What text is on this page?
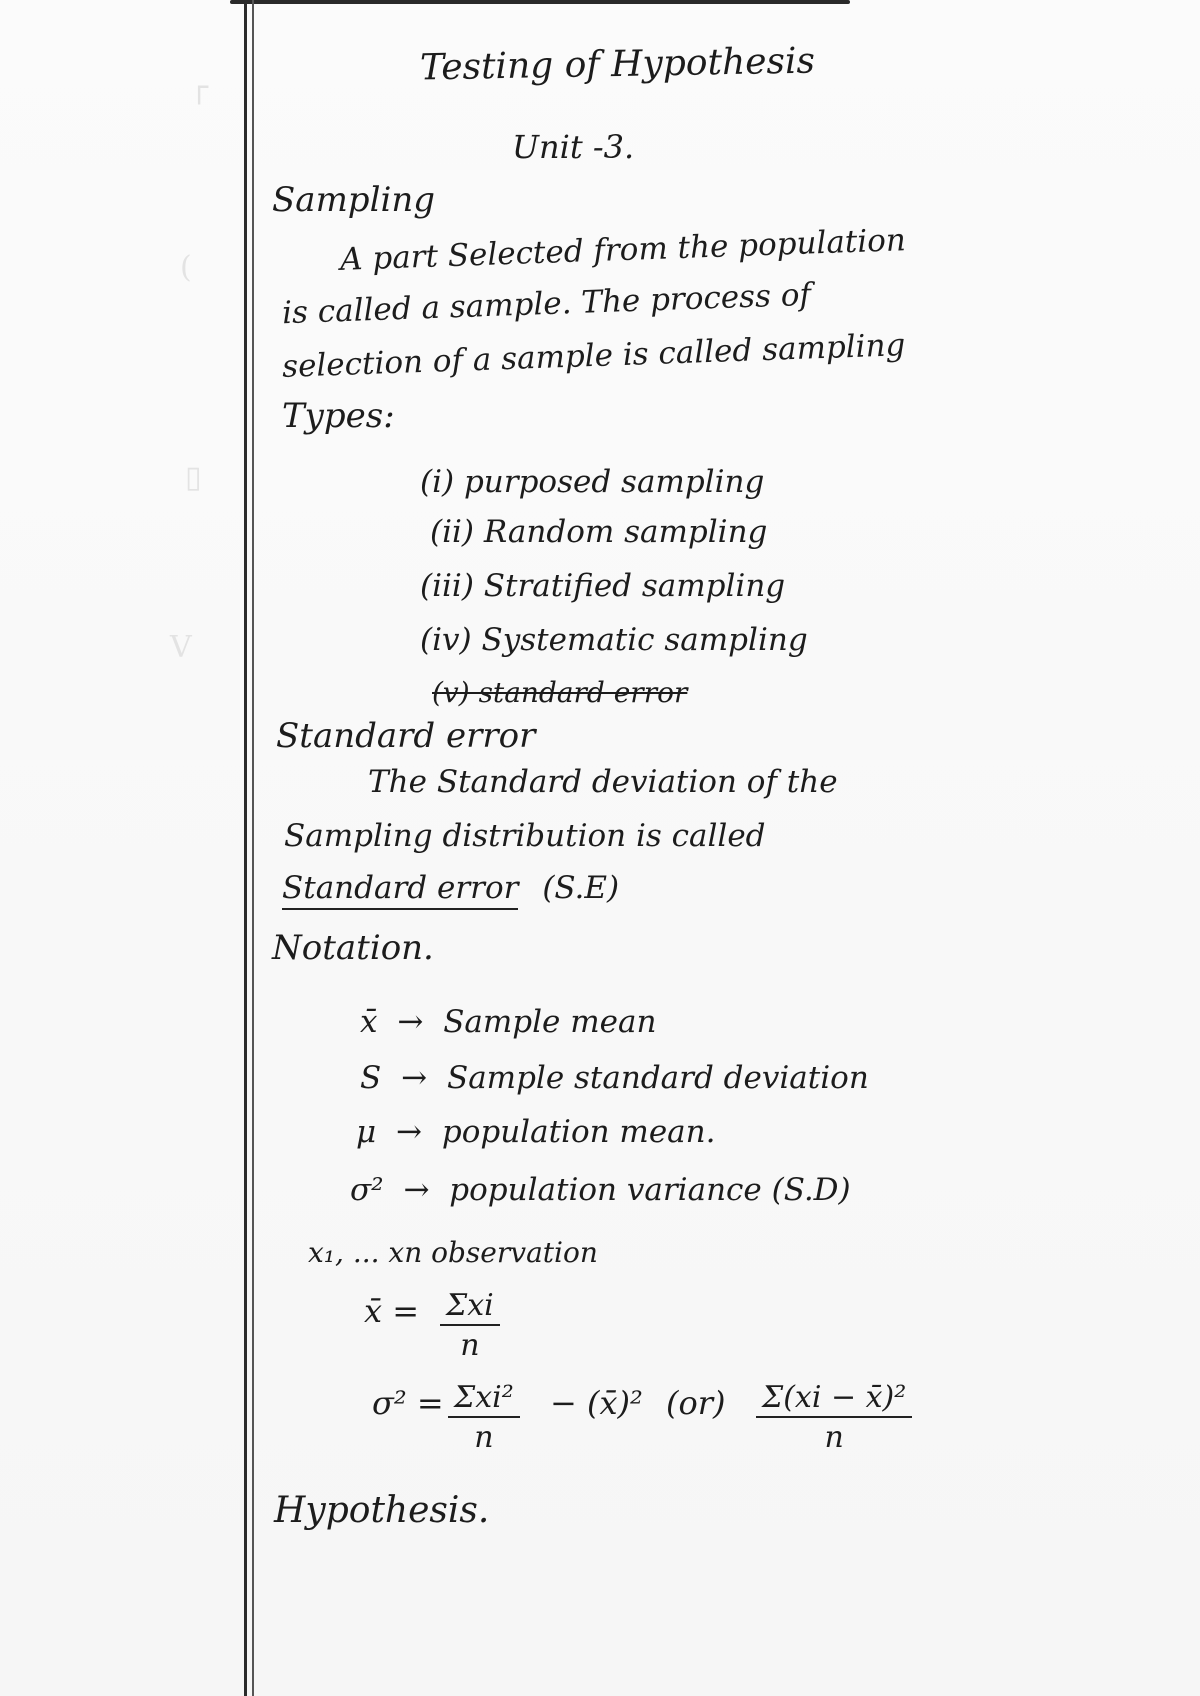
┌
(
▯
V
Testing of Hypothesis
Unit -3.
Sampling
A part Selected from the population
is called a sample. The process of
selection of a sample is called sampling
Types:
(i) purposed sampling
(ii) Random sampling
(iii) Stratified sampling
(iv) Systematic sampling
(v) standard error
Standard error
The Standard deviation of the
Sampling distribution is called
Standard error (S.E)
Notation.
x̄ → Sample mean
S → Sample standard deviation
μ → population mean.
σ² → population variance (S.D)
x₁, ... xn observation
x̄ = Σxi
n
σ² = Σxi²
n
− (x̄)² $(or) \frac{\text{Σ(xi − x̄)²}}{n}$
Hypothesis.
